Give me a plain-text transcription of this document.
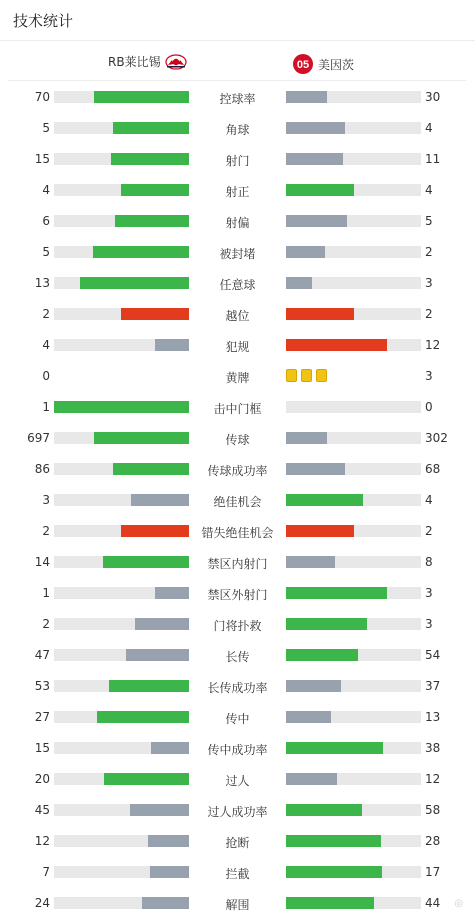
技术统计
RB莱比锡	05 美因茨
70	控球率	30
5	角球	4
15	射门	11
4	射正	4
6	射偏	5
5	被封堵	2
13	任意球	3
2	越位	2
4	犯规	12
0	黄牌	3
1	击中门框	0
697	传球	302
86	传球成功率	68
3	绝佳机会	4
2	错失绝佳机会	2
14	禁区内射门	8
1	禁区外射门	3
2	门将扑救	3
47	长传	54
53	长传成功率	37
27	传中	13
15	传中成功率	38
20	过人	12
45	过人成功率	58
12	抢断	28
7	拦截	17
24	解围	44 ◎
